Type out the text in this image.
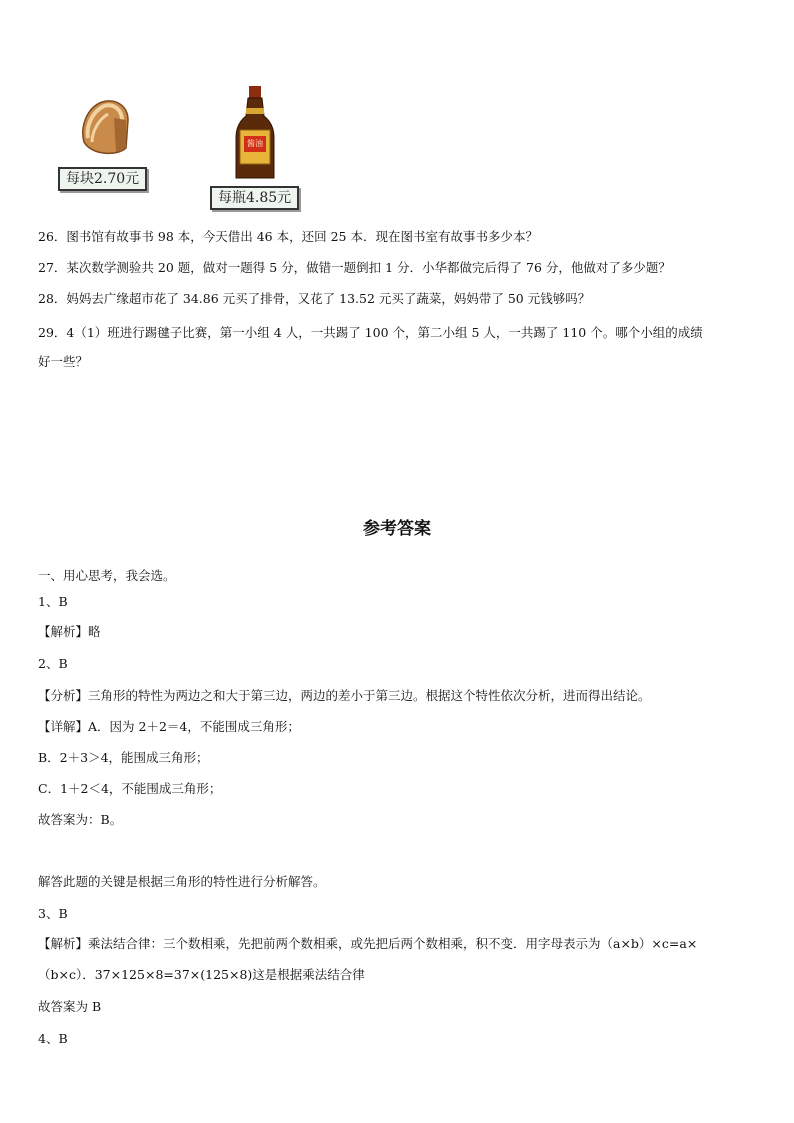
每块2.70元
酱油
每瓶4.85元
26．图书馆有故事书 98 本，今天借出 46 本，还回 25 本．现在图书室有故事书多少本？
27．某次数学测验共 20 题，做对一题得 5 分，做错一题倒扣 1 分．小华都做完后得了 76 分，他做对了多少题？
28．妈妈去广缘超市花了 34.86 元买了排骨，又花了 13.52 元买了蔬菜，妈妈带了 50 元钱够吗？
29．4（1）班进行踢毽子比赛，第一小组 4 人，一共踢了 100 个，第二小组 5 人，一共踢了 110 个。哪个小组的成绩
好一些？
参考答案
一、用心思考，我会选。
1、B
【解析】略
2、B
【分析】三角形的特性为两边之和大于第三边，两边的差小于第三边。根据这个特性依次分析，进而得出结论。
【详解】A．因为 2＋2＝4，不能围成三角形；
B．2＋3＞4，能围成三角形；
C．1＋2＜4，不能围成三角形；
故答案为：B。
解答此题的关键是根据三角形的特性进行分析解答。
3、B
【解析】乘法结合律：三个数相乘，先把前两个数相乘，或先把后两个数相乘，积不变．用字母表示为（a×b）×c=a×
（b×c）．37×125×8=37×(125×8)这是根据乘法结合律
故答案为 B
4、B
